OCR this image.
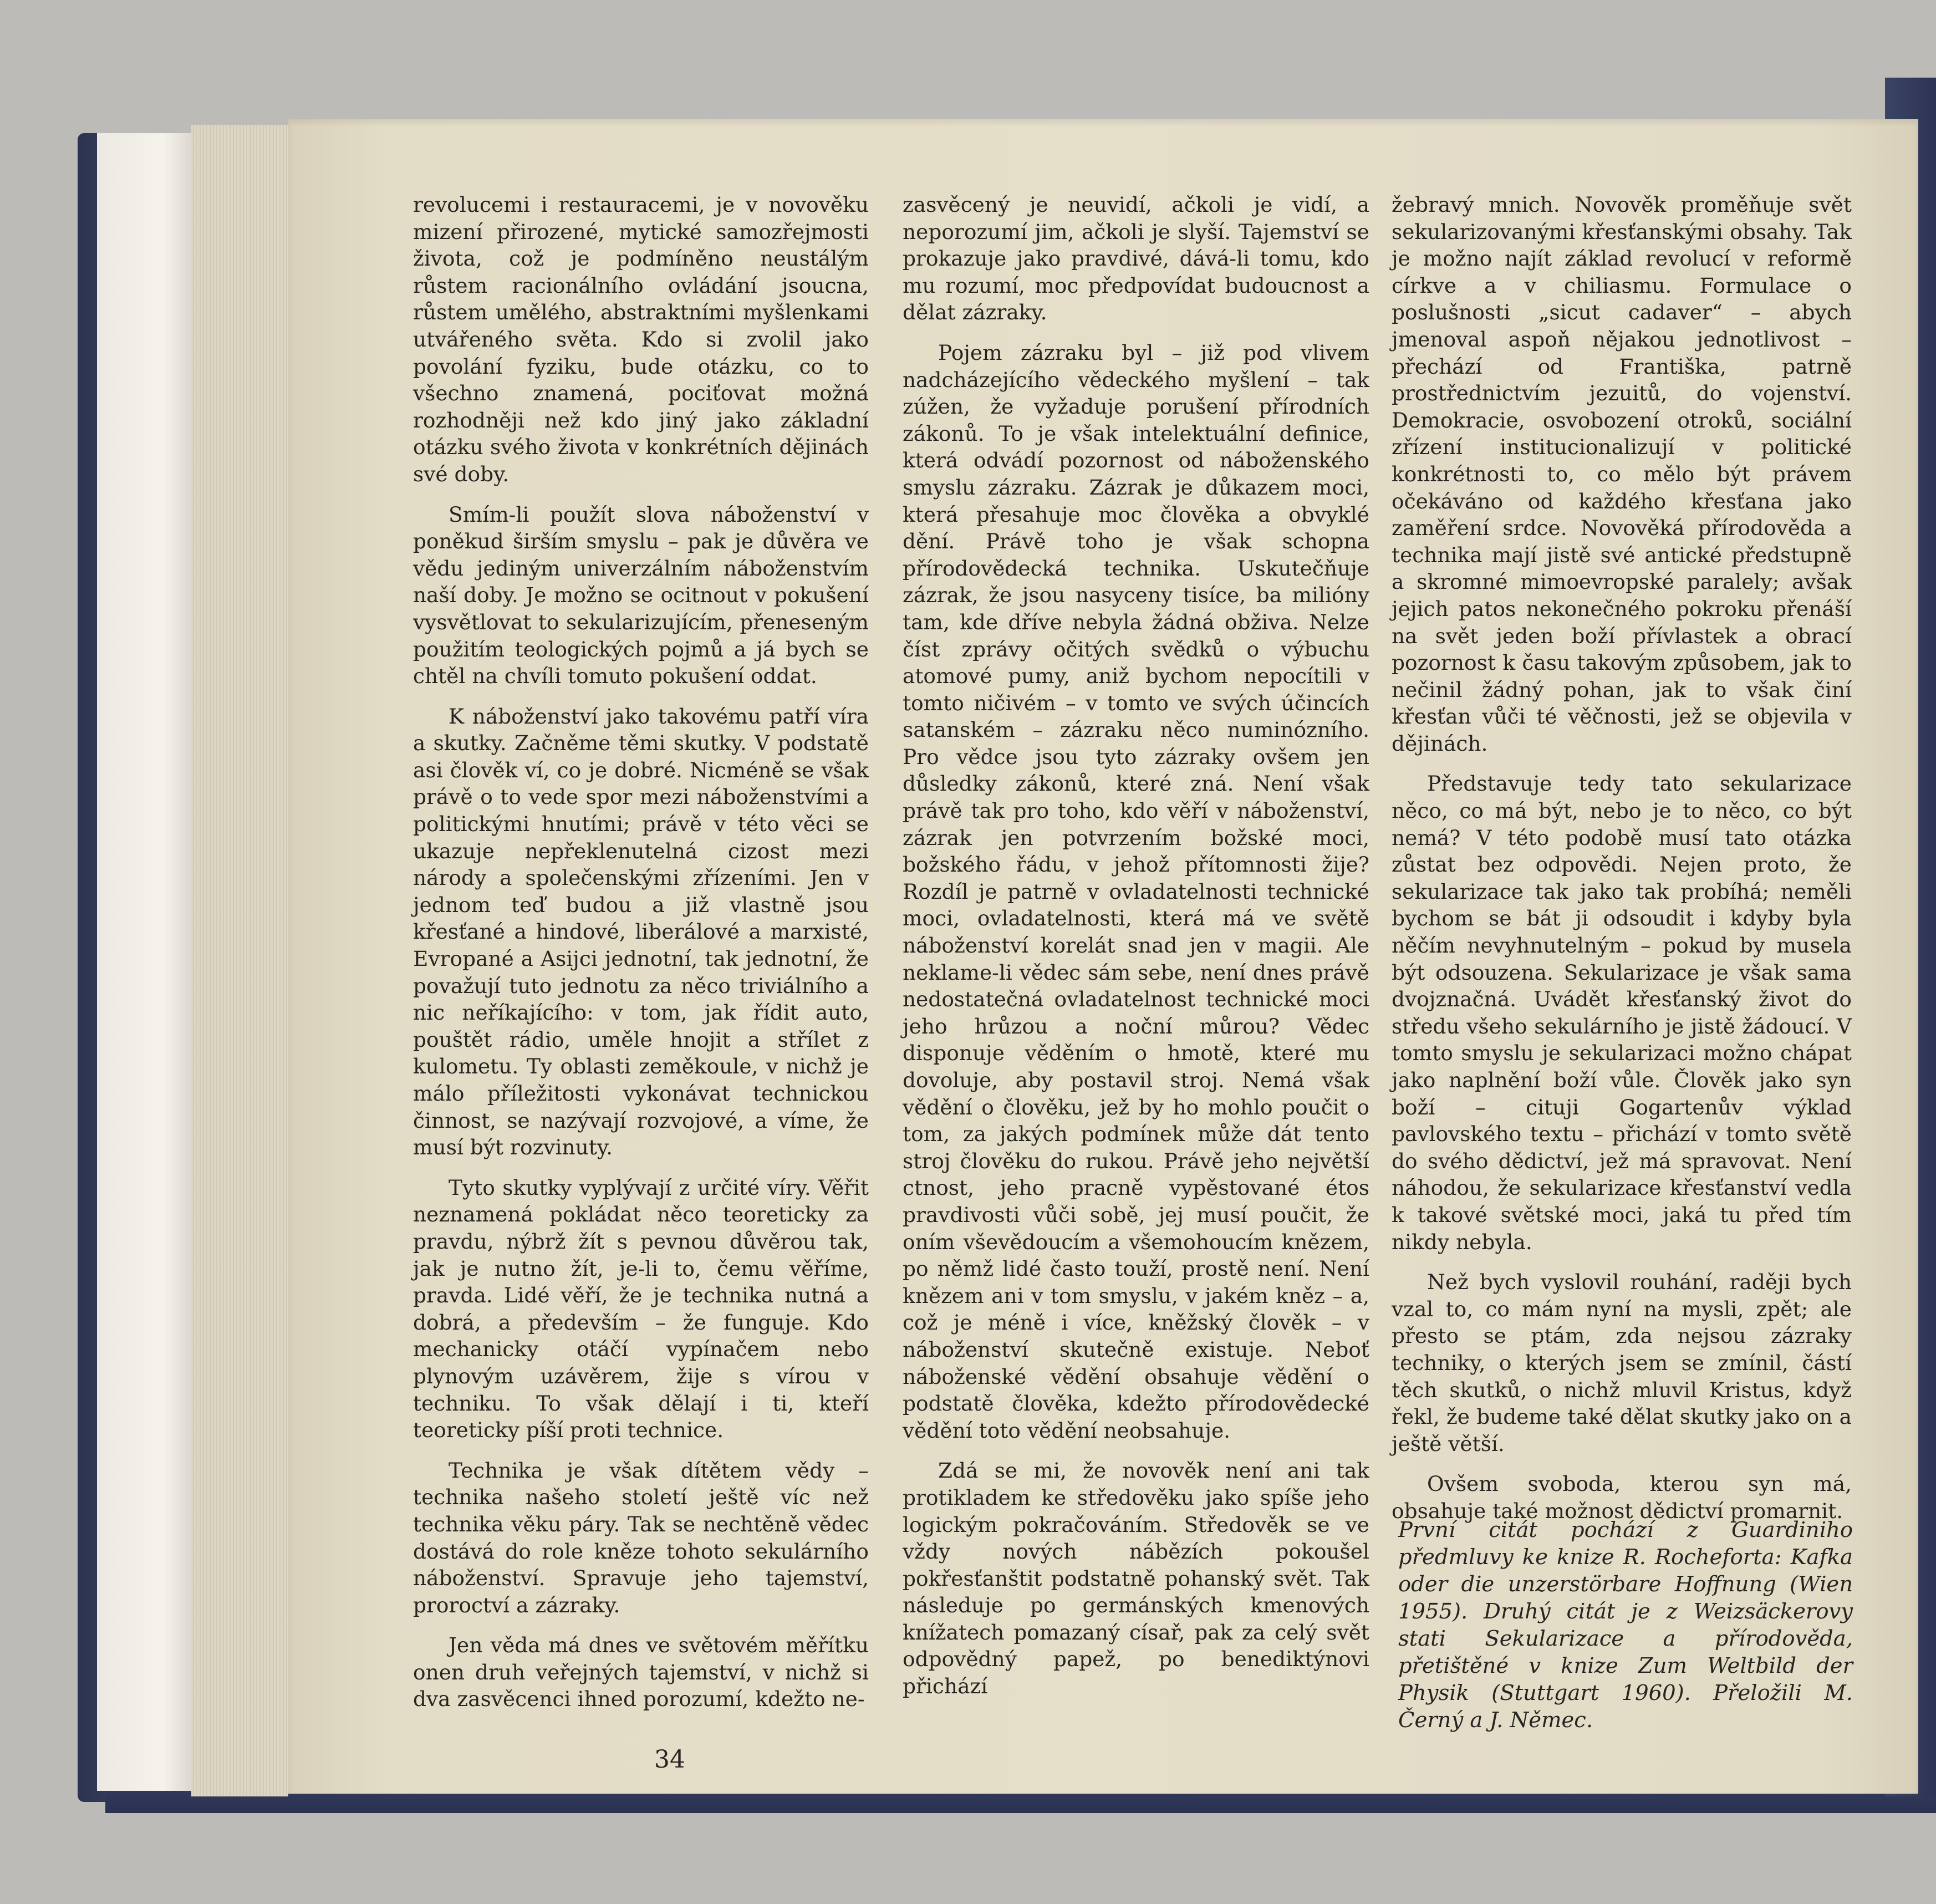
revolucemi i restauracemi, je v novověku mizení přirozené, mytické samozřejmosti života, což je podmíněno neustálým růstem racionálního ovládání jsoucna, růstem umělého, abstraktními myšlenkami utvářeného světa. Kdo si zvolil jako povolání fyziku, bude otázku, co to všechno znamená, pociťovat možná rozhodněji než kdo jiný jako základní otázku svého života v konkrétních dějinách své doby.

Smím-li použít slova náboženství v poněkud širším smyslu – pak je důvěra ve vědu jediným univerzálním náboženstvím naší doby. Je možno se ocitnout v pokušení vysvětlovat to sekularizujícím, přeneseným použitím teologických pojmů a já bych se chtěl na chvíli tomuto pokušení oddat.

K náboženství jako takovému patří víra a skutky. Začněme těmi skutky. V podstatě asi člověk ví, co je dobré. Nicméně se však právě o to vede spor mezi náboženstvími a politickými hnutími; právě v této věci se ukazuje nepřeklenutelná cizost mezi národy a společenskými zřízeními. Jen v jednom teď budou a již vlastně jsou křesťané a hindové, liberálové a marxisté, Evropané a Asijci jednotní, tak jednotní, že považují tuto jednotu za něco triviálního a nic neříkajícího: v tom, jak řídit auto, pouštět rádio, uměle hnojit a střílet z kulometu. Ty oblasti zeměkoule, v nichž je málo příležitosti vykonávat technickou činnost, se nazývají rozvojové, a víme, že musí být rozvinuty.

Tyto skutky vyplývají z určité víry. Věřit neznamená pokládat něco teoreticky za pravdu, nýbrž žít s pevnou důvěrou tak, jak je nutno žít, je-li to, čemu věříme, pravda. Lidé věří, že je technika nutná a dobrá, a především – že funguje. Kdo mechanicky otáčí vypínačem nebo plynovým uzávěrem, žije s vírou v techniku. To však dělají i ti, kteří teoreticky píší proti technice.

Technika je však dítětem vědy – technika našeho století ještě víc než technika věku páry. Tak se nechtěně vědec dostává do role kněze tohoto sekulárního náboženství. Spravuje jeho tajemství, proroctví a zázraky.

Jen věda má dnes ve světovém měřítku onen druh veřejných tajemství, v nichž si dva zasvěcenci ihned porozumí, kdežto ne-

zasvěcený je neuvidí, ačkoli je vidí, a neporozumí jim, ačkoli je slyší. Tajemství se prokazuje jako pravdivé, dává-li tomu, kdo mu rozumí, moc předpovídat budoucnost a dělat zázraky.

Pojem zázraku byl – již pod vlivem nadcházejícího vědeckého myšlení – tak zúžen, že vyžaduje porušení přírodních zákonů. To je však intelektuální definice, která odvádí pozornost od náboženského smyslu zázraku. Zázrak je důkazem moci, která přesahuje moc člověka a obvyklé dění. Právě toho je však schopna přírodovědecká technika. Uskutečňuje zázrak, že jsou nasyceny tisíce, ba milióny tam, kde dříve nebyla žádná obživa. Nelze číst zprávy očitých svědků o výbuchu atomové pumy, aniž bychom nepocítili v tomto ničivém – v tomto ve svých účincích satanském – zázraku něco numinózního. Pro vědce jsou tyto zázraky ovšem jen důsledky zákonů, které zná. Není však právě tak pro toho, kdo věří v náboženství, zázrak jen potvrzením božské moci, božského řádu, v jehož přítomnosti žije? Rozdíl je patrně v ovladatelnosti technické moci, ovladatelnosti, která má ve světě náboženství korelát snad jen v magii. Ale neklame-li vědec sám sebe, není dnes právě nedostatečná ovladatelnost technické moci jeho hrůzou a noční můrou? Vědec disponuje věděním o hmotě, které mu dovoluje, aby postavil stroj. Nemá však vědění o člověku, jež by ho mohlo poučit o tom, za jakých podmínek může dát tento stroj člověku do rukou. Právě jeho největší ctnost, jeho pracně vypěstované étos pravdivosti vůči sobě, jej musí poučit, že oním vševědoucím a všemohoucím knězem, po němž lidé často touží, prostě není. Není knězem ani v tom smyslu, v jakém kněz – a, což je méně i více, kněžský člověk – v náboženství skutečně existuje. Neboť náboženské vědění obsahuje vědění o podstatě člověka, kdežto přírodovědecké vědění toto vědění neobsahuje.

Zdá se mi, že novověk není ani tak protikladem ke středověku jako spíše jeho logickým pokračováním. Středověk se ve vždy nových nábězích pokoušel pokřesťanštit podstatně pohanský svět. Tak následuje po germánských kmenových knížatech pomazaný císař, pak za celý svět odpovědný papež, po benediktýnovi přichází

žebravý mnich. Novověk proměňuje svět sekularizovanými křesťanskými obsahy. Tak je možno najít základ revolucí v reformě církve a v chiliasmu. Formulace o poslušnosti „sicut cadaver“ – abych jmenoval aspoň nějakou jednotlivost – přechází od Františka, patrně prostřednictvím jezuitů, do vojenství. Demokracie, osvobození otroků, sociální zřízení institucionalizují v politické konkrétnosti to, co mělo být právem očekáváno od každého křesťana jako zaměření srdce. Novověká přírodověda a technika mají jistě své antické předstupně a skromné mimoevropské paralely; avšak jejich patos nekonečného pokroku přenáší na svět jeden boží přívlastek a obrací pozornost k času takovým způsobem, jak to nečinil žádný pohan, jak to však činí křesťan vůči té věčnosti, jež se objevila v dějinách.

Představuje tedy tato sekularizace něco, co má být, nebo je to něco, co být nemá? V této podobě musí tato otázka zůstat bez odpovědi. Nejen proto, že sekularizace tak jako tak probíhá; neměli bychom se bát ji odsoudit i kdyby byla něčím nevyhnutelným – pokud by musela být odsouzena. Sekularizace je však sama dvojznačná. Uvádět křesťanský život do středu všeho sekulárního je jistě žádoucí. V tomto smyslu je sekularizaci možno chápat jako naplnění boží vůle. Člověk jako syn boží – cituji Gogartenův výklad pavlovského textu – přichází v tomto světě do svého dědictví, jež má spravovat. Není náhodou, že sekularizace křesťanství vedla k takové světské moci, jaká tu před tím nikdy nebyla.

Než bych vyslovil rouhání, raději bych vzal to, co mám nyní na mysli, zpět; ale přesto se ptám, zda nejsou zázraky techniky, o kterých jsem se zmínil, částí těch skutků, o nichž mluvil Kristus, když řekl, že budeme také dělat skutky jako on a ještě větší.

Ovšem svoboda, kterou syn má, obsahuje také možnost dědictví promarnit.

První citát pochází z Guardiniho předmluvy ke knize R. Rochefortа: Kafka oder die unzerstörbare Hoffnung (Wien 1955). Druhý citát je z Weizsäckerovy stati Sekularizace a přírodověda, přetištěné v knize Zum Weltbild der Physik (Stuttgart 1960). Přeložili M. Černý a J. Němec.

34
